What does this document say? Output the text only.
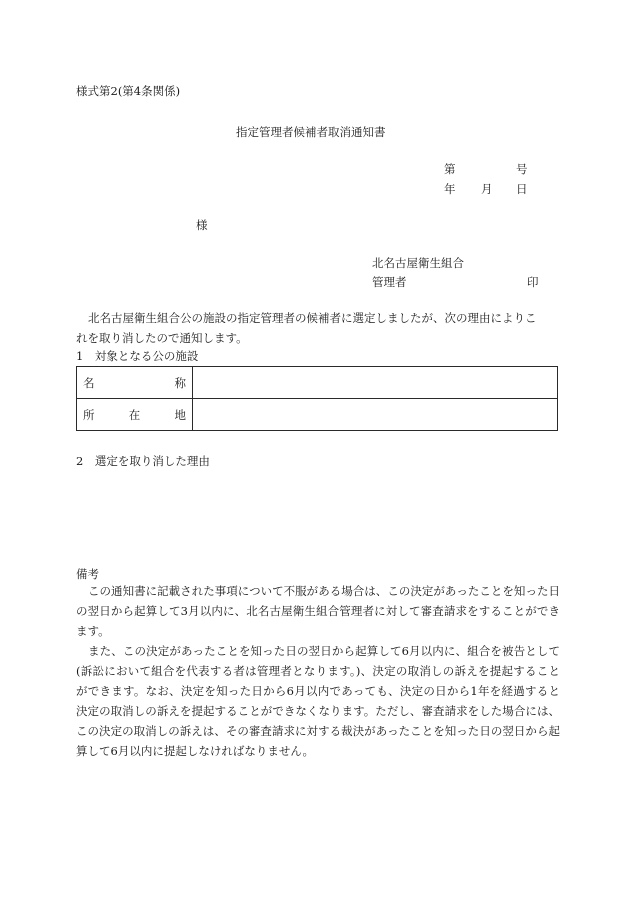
様式第2(第4条関係)
指定管理者候補者取消通知書
第	号
年 月 日
様
北名古屋衛生組合
管理者	印
北名古屋衛生組合公の施設の指定管理者の候補者に選定しましたが、次の理由によりこ
れを取り消したので通知します。
1　対象となる公の施設
名称	
所在地	
2　選定を取り消した理由
備考

この通知書に記載された事項について不服がある場合は、この決定があったことを知った日の翌日から起算して3月以内に、北名古屋衛生組合管理者に対して審査請求をすることができます。

また、この決定があったことを知った日の翌日から起算して6月以内に、組合を被告として(訴訟において組合を代表する者は管理者となります。)、決定の取消しの訴えを提起することができます。なお、決定を知った日から6月以内であっても、決定の日から1年を経過すると決定の取消しの訴えを提起することができなくなります。ただし、審査請求をした場合には、この決定の取消しの訴えは、その審査請求に対する裁決があったことを知った日の翌日から起算して6月以内に提起しなければなりません。
